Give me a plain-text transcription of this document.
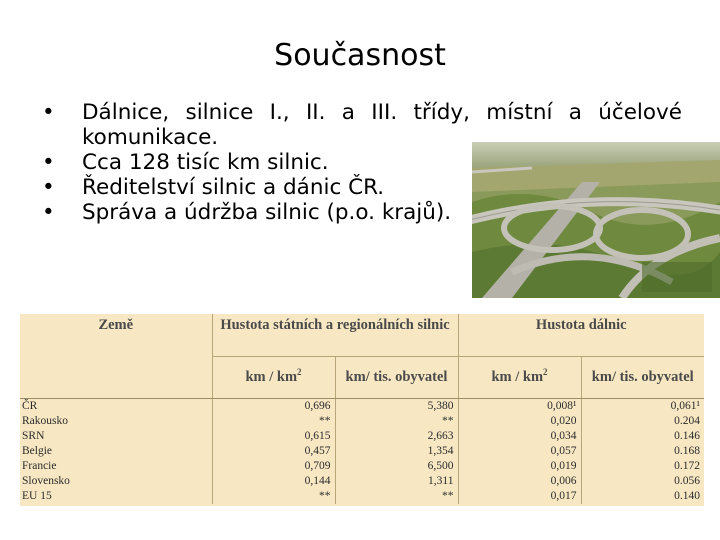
Současnost
• Dálnice, silnice I., II. a III. třídy, místní a účelové komunikace.
• Cca 128 tisíc km silnic.
• Ředitelství silnic a dánic ČR.
• Správa a údržba silnic (p.o. krajů).
Země	Hustota státních a regionálních silnic		Hustota dálnic	
	km / $km^2$	km/ tis. obyvatel	km / $km^2$	km/ tis. obyvatel

ČR	0,696	5,380	0,008¹	0,061¹
Rakousko	**	**	0,020	0.204
SRN	0,615	2,663	0,034	0.146
Belgie	0,457	1,354	0,057	0.168
Francie	0,709	6,500	0,019	0.172
Slovensko	0,144	1,311	0,006	0.056
EU 15	**	**	0,017	0.140
